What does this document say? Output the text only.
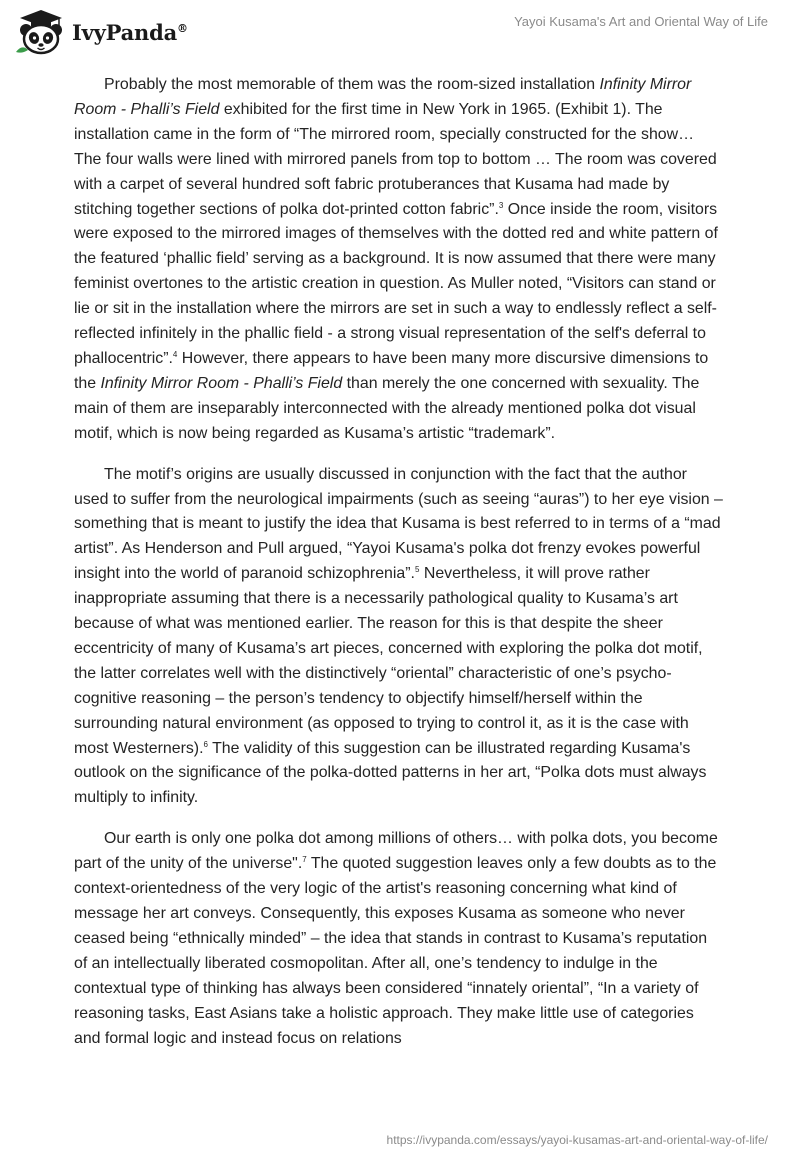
IvyPanda®	Yayoi Kusama's Art and Oriental Way of Life

Probably the most memorable of them was the room-sized installation Infinity Mirror Room - Phalli’s Field exhibited for the first time in New York in 1965. (Exhibit 1). The installation came in the form of “The mirrored room, specially constructed for the show… The four walls were lined with mirrored panels from top to bottom … The room was covered with a carpet of several hundred soft fabric protuberances that Kusama had made by stitching together sections of polka dot-printed cotton fabric”.$^3$ Once inside the room, visitors were exposed to the mirrored images of themselves with the dotted red and white pattern of the featured ‘phallic field’ serving as a background. It is now assumed that there were many feminist overtones to the artistic creation in question. As Muller noted, “Visitors can stand or lie or sit in the installation where the mirrors are set in such a way to endlessly reflect a self-reflected infinitely in the phallic field - a strong visual representation of the self's deferral to phallocentric”.$^4$ However, there appears to have been many more discursive dimensions to the Infinity Mirror Room - Phalli’s Field than merely the one concerned with sexuality. The main of them are inseparably interconnected with the already mentioned polka dot visual motif, which is now being regarded as Kusama’s artistic “trademark”.

The motif’s origins are usually discussed in conjunction with the fact that the author used to suffer from the neurological impairments (such as seeing “auras”) to her eye vision – something that is meant to justify the idea that Kusama is best referred to in terms of a “mad artist”. As Henderson and Pull argued, “Yayoi Kusama's polka dot frenzy evokes powerful insight into the world of paranoid schizophrenia”.$^5$ Nevertheless, it will prove rather inappropriate assuming that there is a necessarily pathological quality to Kusama’s art because of what was mentioned earlier. The reason for this is that despite the sheer eccentricity of many of Kusama’s art pieces, concerned with exploring the polka dot motif, the latter correlates well with the distinctively “oriental” characteristic of one’s psycho-cognitive reasoning – the person’s tendency to objectify himself/herself within the surrounding natural environment (as opposed to trying to control it, as it is the case with most Westerners).$^6$ The validity of this suggestion can be illustrated regarding Kusama's outlook on the significance of the polka-dotted patterns in her art, “Polka dots must always multiply to infinity.

Our earth is only one polka dot among millions of others… with polka dots, you become part of the unity of the universe".$^7$ The quoted suggestion leaves only a few doubts as to the context-orientedness of the very logic of the artist's reasoning concerning what kind of message her art conveys. Consequently, this exposes Kusama as someone who never ceased being “ethnically minded” – the idea that stands in contrast to Kusama’s reputation of an intellectually liberated cosmopolitan. After all, one’s tendency to indulge in the contextual type of thinking has always been considered “innately oriental”, “In a variety of reasoning tasks, East Asians take a holistic approach. They make little use of categories and formal logic and instead focus on relations

https://ivypanda.com/essays/yayoi-kusamas-art-and-oriental-way-of-life/
